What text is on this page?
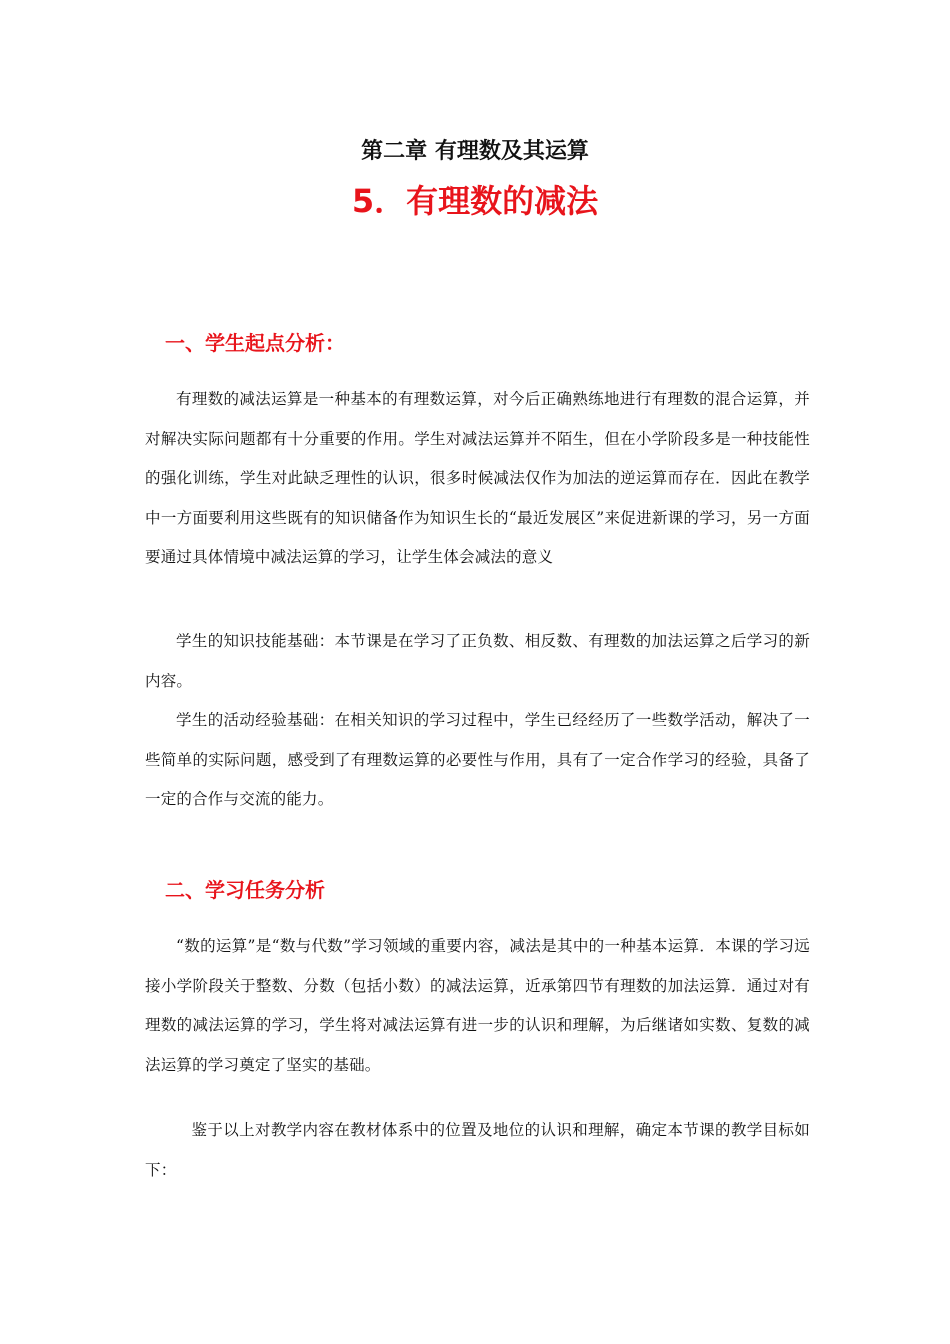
第二章 有理数及其运算
5．有理数的减法
一、学生起点分析：
有理数的减法运算是一种基本的有理数运算，对今后正确熟练地进行有理数的混合运算，并对解决实际问题都有十分重要的作用。学生对减法运算并不陌生，但在小学阶段多是一种技能性的强化训练，学生对此缺乏理性的认识，很多时候减法仅作为加法的逆运算而存在．因此在教学中一方面要利用这些既有的知识储备作为知识生长的“最近发展区”来促进新课的学习，另一方面要通过具体情境中减法运算的学习，让学生体会减法的意义
学生的知识技能基础：本节课是在学习了正负数、相反数、有理数的加法运算之后学习的新内容。
学生的活动经验基础：在相关知识的学习过程中，学生已经经历了一些数学活动，解决了一些简单的实际问题，感受到了有理数运算的必要性与作用，具有了一定合作学习的经验，具备了一定的合作与交流的能力。
二、学习任务分析
“数的运算”是“数与代数”学习领域的重要内容，减法是其中的一种基本运算．本课的学习远接小学阶段关于整数、分数（包括小数）的减法运算，近承第四节有理数的加法运算．通过对有理数的减法运算的学习，学生将对减法运算有进一步的认识和理解，为后继诸如实数、复数的减法运算的学习奠定了坚实的基础。
鉴于以上对教学内容在教材体系中的位置及地位的认识和理解，确定本节课的教学目标如下：
